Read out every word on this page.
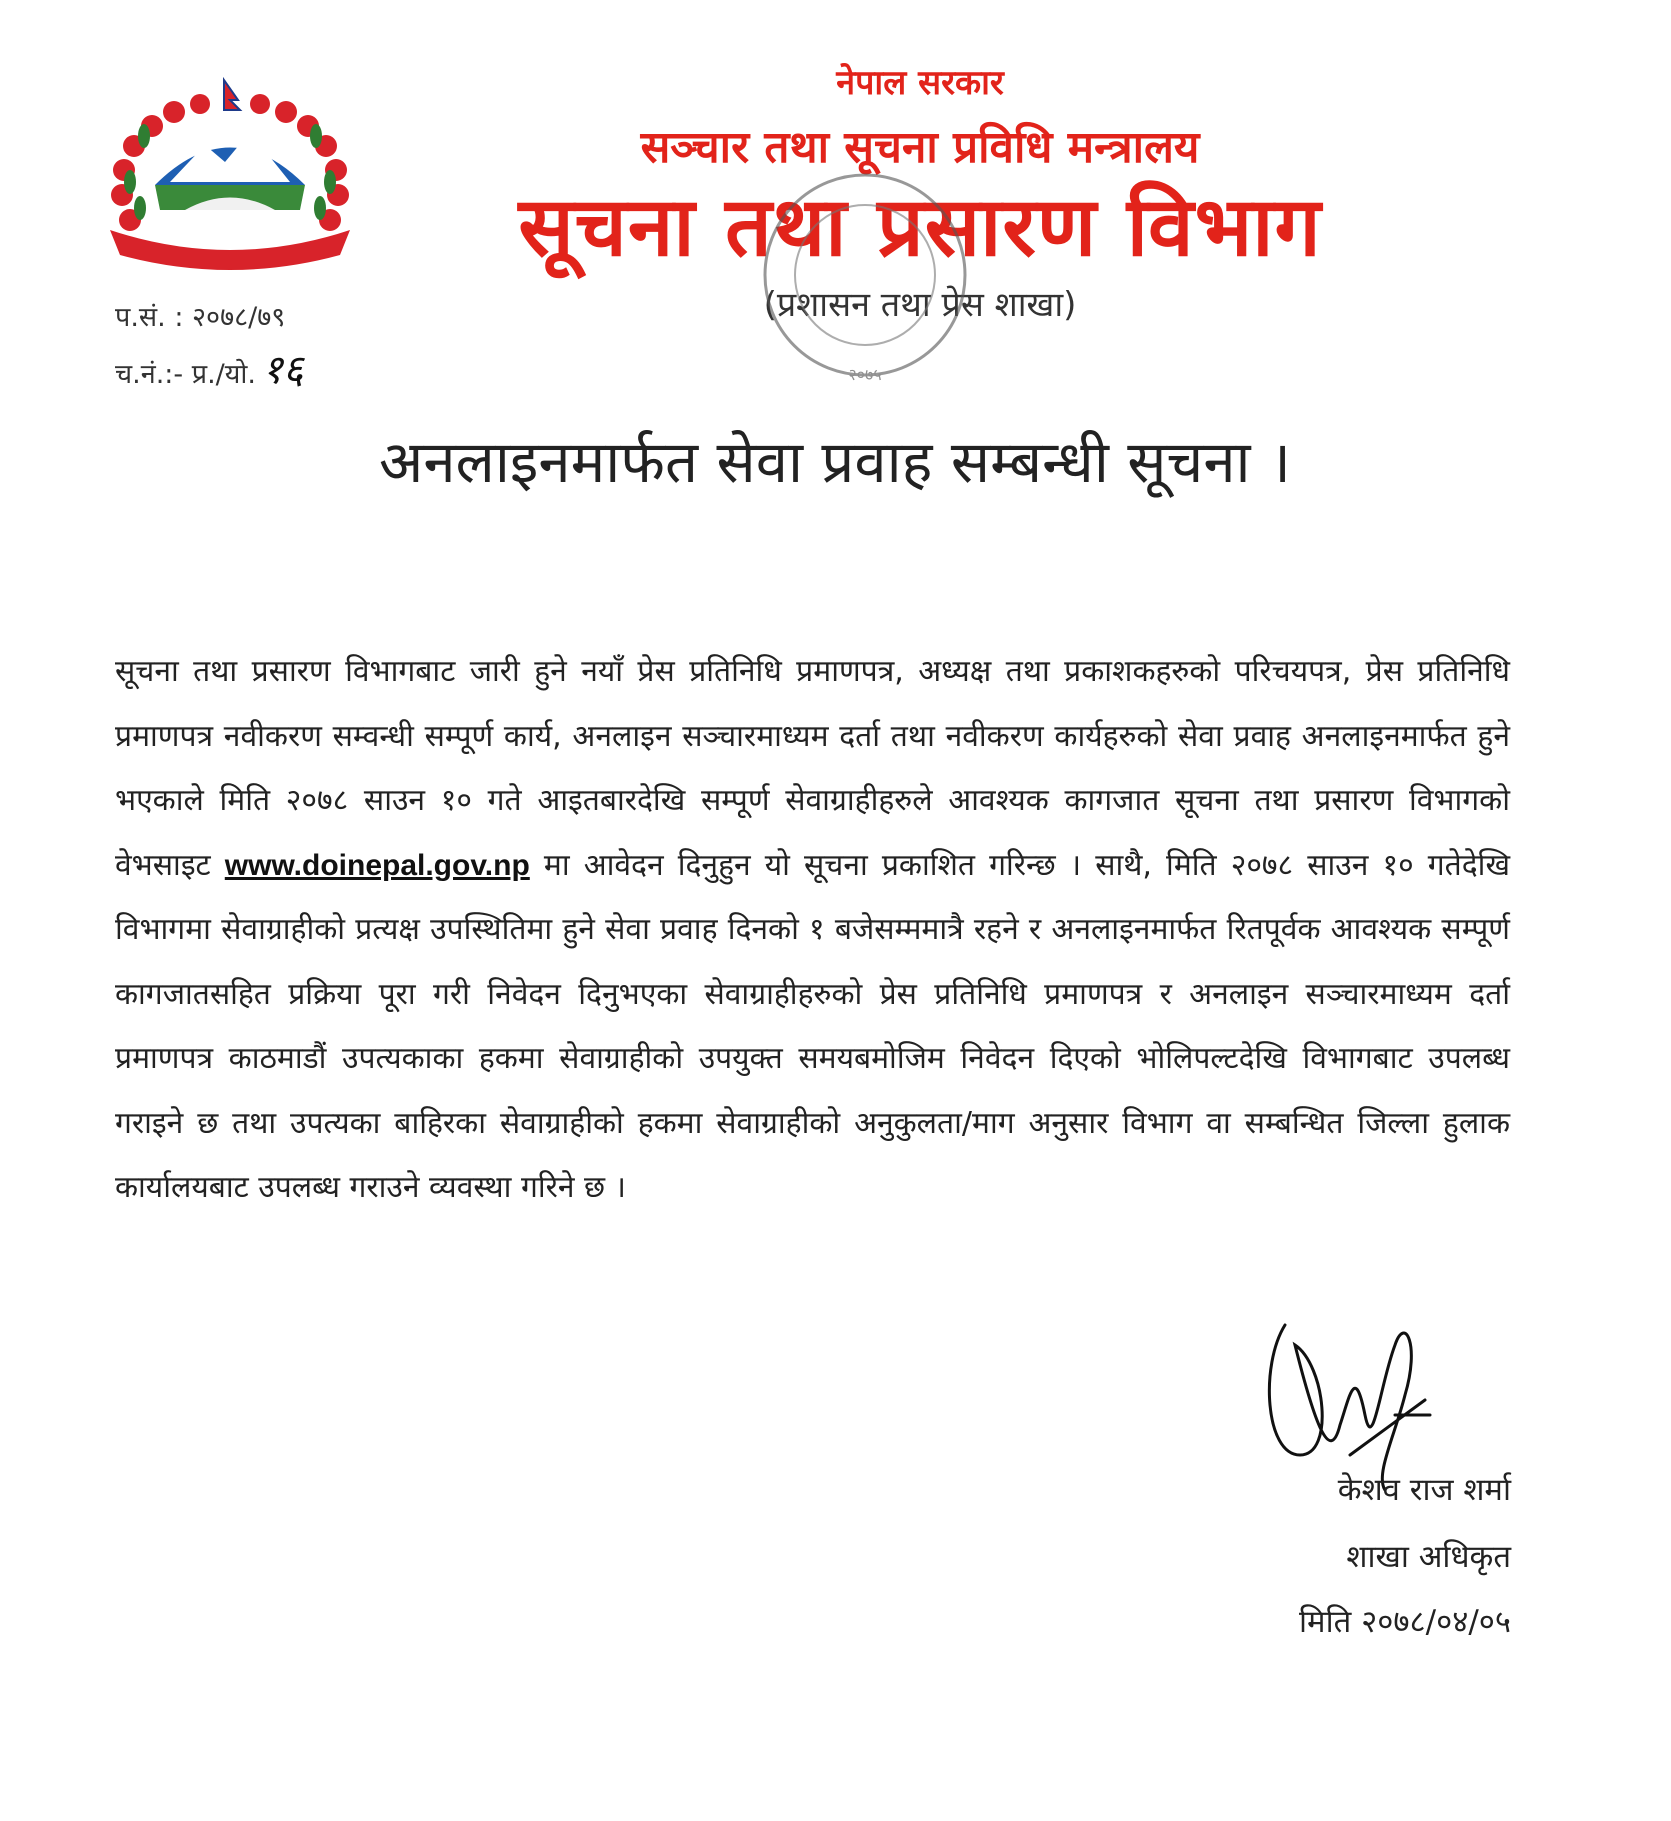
नेपाल सरकार
सञ्चार तथा सूचना प्रविधि मन्त्रालय
सूचना तथा प्रसारण विभाग
(प्रशासन तथा प्रेस शाखा)
२०७५
प.सं. : २०७८/७९
च.नं.:- प्र./यो. १६
अनलाइनमार्फत सेवा प्रवाह सम्बन्धी सूचना ।
सूचना तथा प्रसारण विभागबाट जारी हुने नयाँ प्रेस प्रतिनिधि प्रमाणपत्र, अध्यक्ष तथा प्रकाशकहरुको परिचयपत्र, प्रेस प्रतिनिधि प्रमाणपत्र नवीकरण सम्वन्धी सम्पूर्ण कार्य, अनलाइन सञ्चारमाध्यम दर्ता तथा नवीकरण कार्यहरुको सेवा प्रवाह अनलाइनमार्फत हुने भएकाले मिति २०७८ साउन १० गते आइतबारदेखि सम्पूर्ण सेवाग्राहीहरुले आवश्यक कागजात सूचना तथा प्रसारण विभागको वेभसाइट www.doinepal.gov.np मा आवेदन दिनुहुन यो सूचना प्रकाशित गरिन्छ । साथै, मिति २०७८ साउन १० गतेदेखि विभागमा सेवाग्राहीको प्रत्यक्ष उपस्थितिमा हुने सेवा प्रवाह दिनको १ बजेसम्ममात्रै रहने र अनलाइनमार्फत रितपूर्वक आवश्यक सम्पूर्ण कागजातसहित प्रक्रिया पूरा गरी निवेदन दिनुभएका सेवाग्राहीहरुको प्रेस प्रतिनिधि प्रमाणपत्र र अनलाइन सञ्चारमाध्यम दर्ता प्रमाणपत्र काठमाडौं उपत्यकाका हकमा सेवाग्राहीको उपयुक्त समयबमोजिम निवेदन दिएको भोलिपल्टदेखि विभागबाट उपलब्ध गराइने छ तथा उपत्यका बाहिरका सेवाग्राहीको हकमा सेवाग्राहीको अनुकुलता/माग अनुसार विभाग वा सम्बन्धित जिल्ला हुलाक कार्यालयबाट उपलब्ध गराउने व्यवस्था गरिने छ ।
केशव राज शर्मा
शाखा अधिकृत
मिति २०७८/०४/०५
